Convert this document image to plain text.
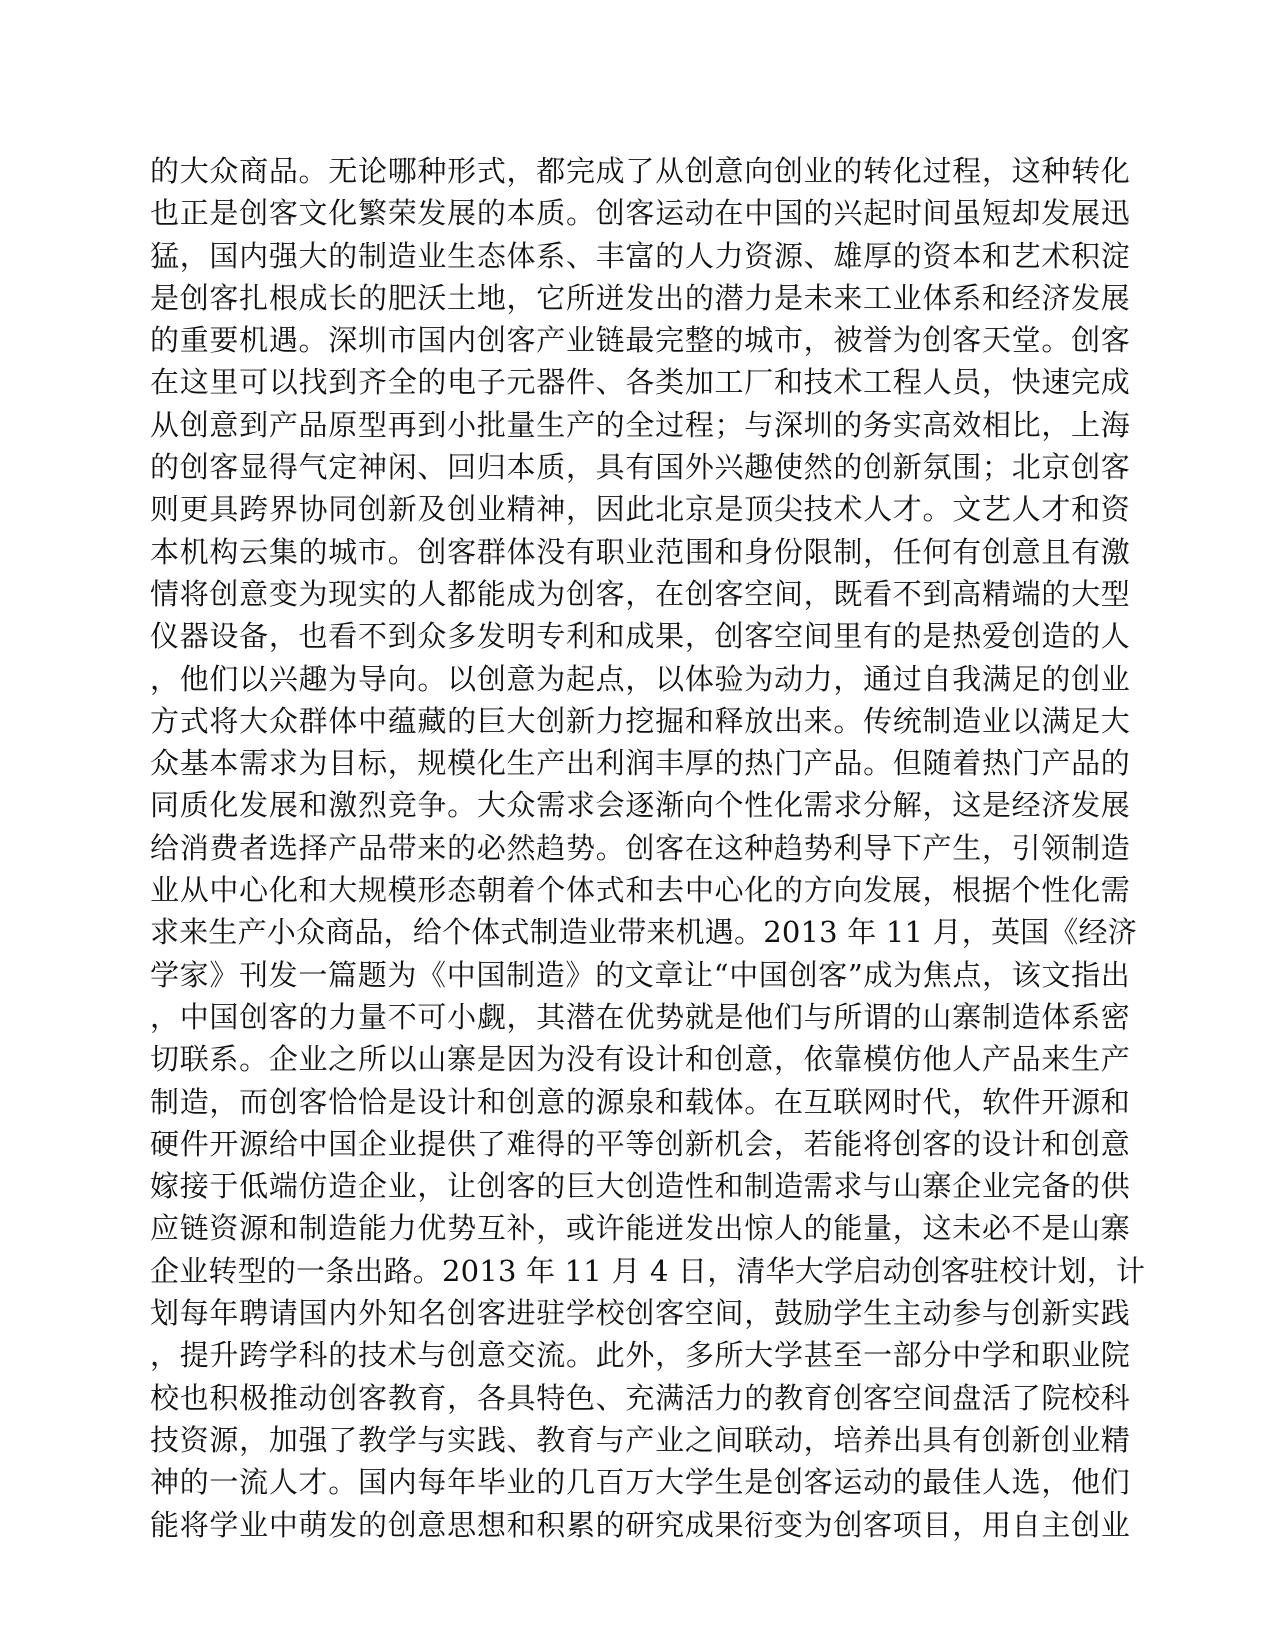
的大众商品。无论哪种形式，都完成了从创意向创业的转化过程，这种转化
也正是创客文化繁荣发展的本质。创客运动在中国的兴起时间虽短却发展迅
猛，国内强大的制造业生态体系、丰富的人力资源、雄厚的资本和艺术积淀
是创客扎根成长的肥沃土地，它所迸发出的潜力是未来工业体系和经济发展
的重要机遇。深圳市国内创客产业链最完整的城市，被誉为创客天堂。创客
在这里可以找到齐全的电子元器件、各类加工厂和技术工程人员，快速完成
从创意到产品原型再到小批量生产的全过程；与深圳的务实高效相比，上海
的创客显得气定神闲、回归本质，具有国外兴趣使然的创新氛围；北京创客
则更具跨界协同创新及创业精神，因此北京是顶尖技术人才。文艺人才和资
本机构云集的城市。创客群体没有职业范围和身份限制，任何有创意且有激
情将创意变为现实的人都能成为创客，在创客空间，既看不到高精端的大型
仪器设备，也看不到众多发明专利和成果，创客空间里有的是热爱创造的人
，他们以兴趣为导向。以创意为起点，以体验为动力，通过自我满足的创业
方式将大众群体中蕴藏的巨大创新力挖掘和释放出来。传统制造业以满足大
众基本需求为目标，规模化生产出利润丰厚的热门产品。但随着热门产品的
同质化发展和激烈竞争。大众需求会逐渐向个性化需求分解，这是经济发展
给消费者选择产品带来的必然趋势。创客在这种趋势利导下产生，引领制造
业从中心化和大规模形态朝着个体式和去中心化的方向发展，根据个性化需
求来生产小众商品，给个体式制造业带来机遇。2013 年 11 月，英国《经济
学家》刊发一篇题为《中国制造》的文章让“中国创客”成为焦点，该文指出
，中国创客的力量不可小觑，其潜在优势就是他们与所谓的山寨制造体系密
切联系。企业之所以山寨是因为没有设计和创意，依靠模仿他人产品来生产
制造，而创客恰恰是设计和创意的源泉和载体。在互联网时代，软件开源和
硬件开源给中国企业提供了难得的平等创新机会，若能将创客的设计和创意
嫁接于低端仿造企业，让创客的巨大创造性和制造需求与山寨企业完备的供
应链资源和制造能力优势互补，或许能迸发出惊人的能量，这未必不是山寨
企业转型的一条出路。2013 年 11 月 4 日，清华大学启动创客驻校计划，计
划每年聘请国内外知名创客进驻学校创客空间，鼓励学生主动参与创新实践
，提升跨学科的技术与创意交流。此外，多所大学甚至一部分中学和职业院
校也积极推动创客教育，各具特色、充满活力的教育创客空间盘活了院校科
技资源，加强了教学与实践、教育与产业之间联动，培养出具有创新创业精
神的一流人才。国内每年毕业的几百万大学生是创客运动的最佳人选，他们
能将学业中萌发的创意思想和积累的研究成果衍变为创客项目，用自主创业
